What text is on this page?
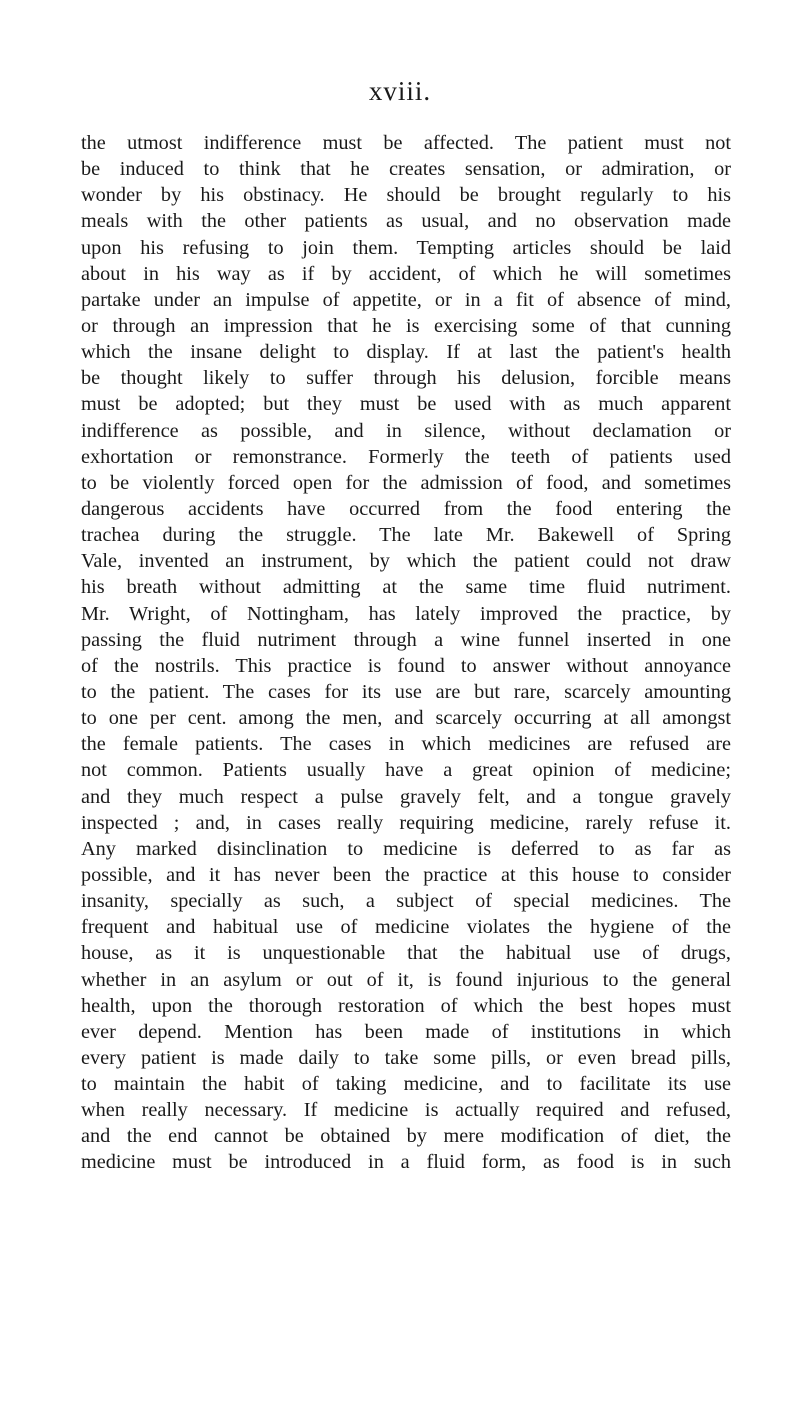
xviii.
the utmost indifference must be affected. The patient must not
be induced to think that he creates sensation, or admiration, or
wonder by his obstinacy. He should be brought regularly to his
meals with the other patients as usual, and no observation made
upon his refusing to join them. Tempting articles should be laid
about in his way as if by accident, of which he will sometimes
partake under an impulse of appetite, or in a fit of absence of mind,
or through an impression that he is exercising some of that cunning
which the insane delight to display. If at last the patient's health
be thought likely to suffer through his delusion, forcible means
must be adopted; but they must be used with as much apparent
indifference as possible, and in silence, without declamation or
exhortation or remonstrance. Formerly the teeth of patients used
to be violently forced open for the admission of food, and sometimes
dangerous accidents have occurred from the food entering the
trachea during the struggle. The late Mr. Bakewell of Spring
Vale, invented an instrument, by which the patient could not draw
his breath without admitting at the same time fluid nutriment.
Mr. Wright, of Nottingham, has lately improved the practice, by
passing the fluid nutriment through a wine funnel inserted in one
of the nostrils. This practice is found to answer without annoyance
to the patient. The cases for its use are but rare, scarcely amounting
to one per cent. among the men, and scarcely occurring at all amongst
the female patients. The cases in which medicines are refused are
not common. Patients usually have a great opinion of medicine;
and they much respect a pulse gravely felt, and a tongue gravely
inspected ; and, in cases really requiring medicine, rarely refuse it.
Any marked disinclination to medicine is deferred to as far as
possible, and it has never been the practice at this house to consider
insanity, specially as such, a subject of special medicines. The
frequent and habitual use of medicine violates the hygiene of the
house, as it is unquestionable that the habitual use of drugs,
whether in an asylum or out of it, is found injurious to the general
health, upon the thorough restoration of which the best hopes must
ever depend. Mention has been made of institutions in which
every patient is made daily to take some pills, or even bread pills,
to maintain the habit of taking medicine, and to facilitate its use
when really necessary. If medicine is actually required and refused,
and the end cannot be obtained by mere modification of diet, the
medicine must be introduced in a fluid form, as food is in such
